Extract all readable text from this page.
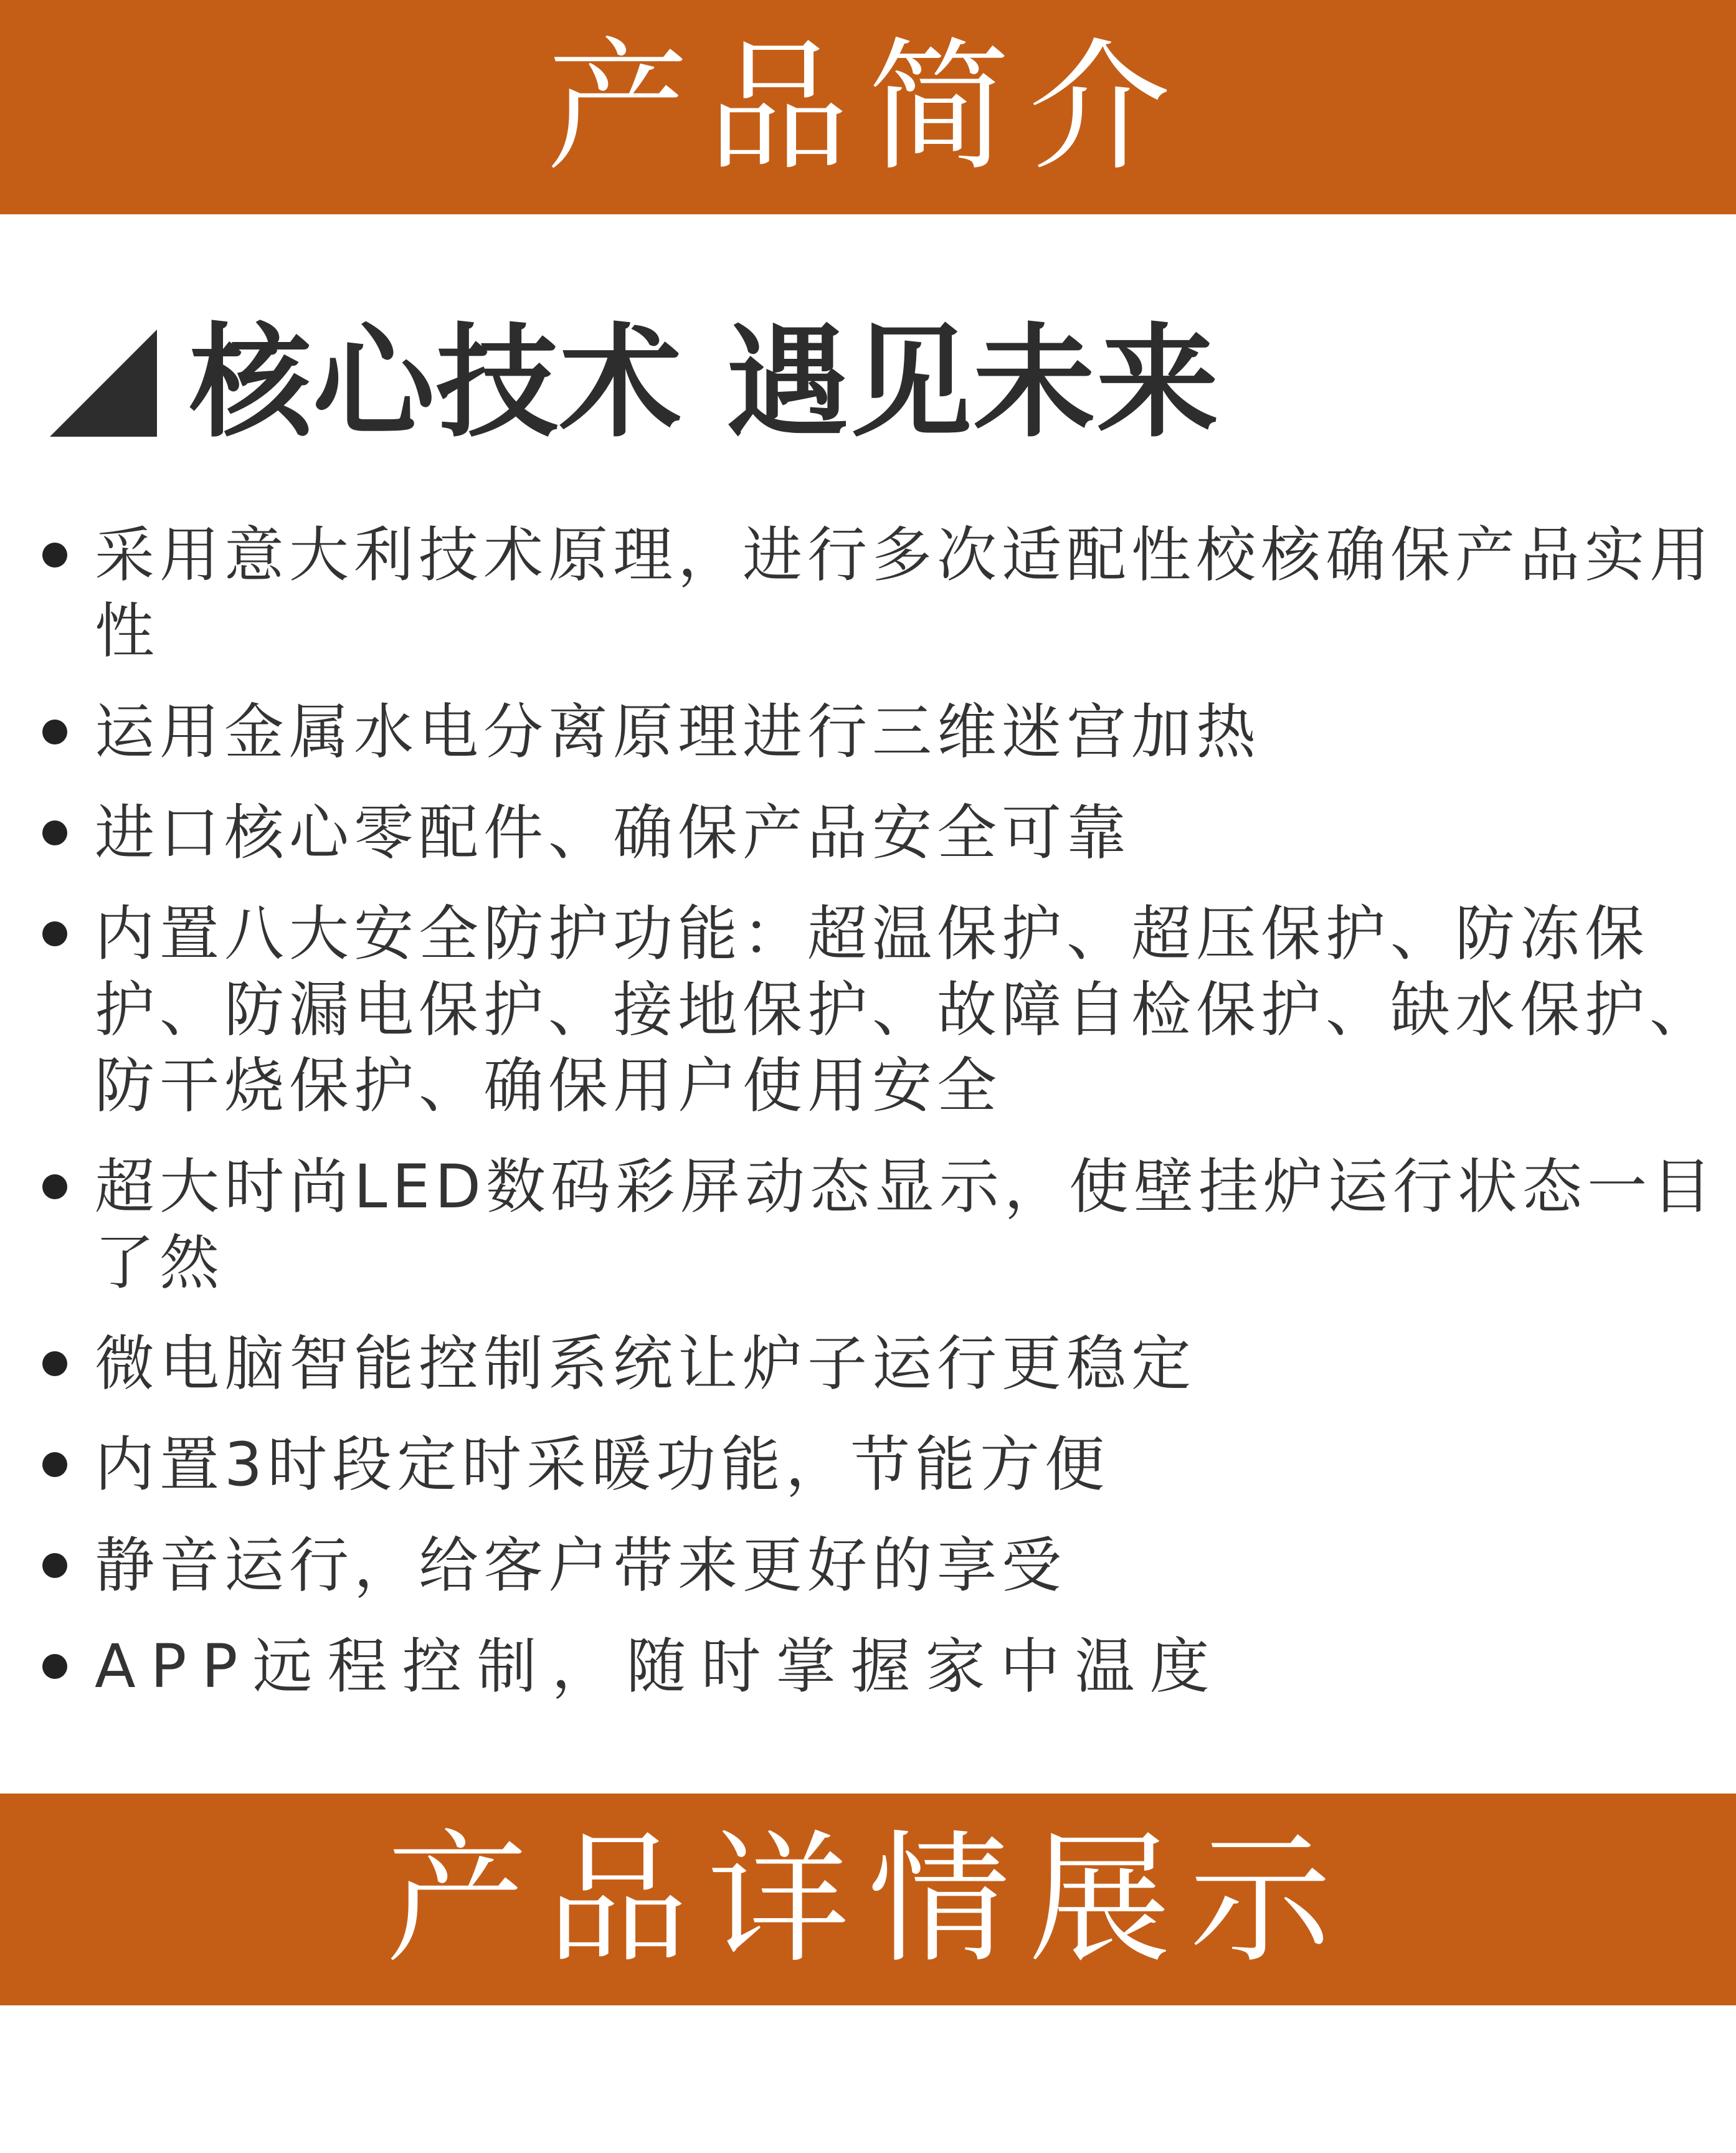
产品简介
核心技术 遇见未来
采用意大利技术原理，进行多次适配性校核确保产品实用性
运用金属水电分离原理进行三维迷宫加热
进口核心零配件、确保产品安全可靠
内置八大安全防护功能：超温保护、超压保护、防冻保护、防漏电保护、接地保护、故障自检保护、缺水保护、防干烧保护、确保用户使用安全
超大时尚LED数码彩屏动态显示，使壁挂炉运行状态一目了然
微电脑智能控制系统让炉子运行更稳定
内置3时段定时采暖功能，节能方便
静音运行，给客户带来更好的享受
APP远程控制，随时掌握家中温度
产品详情展示
